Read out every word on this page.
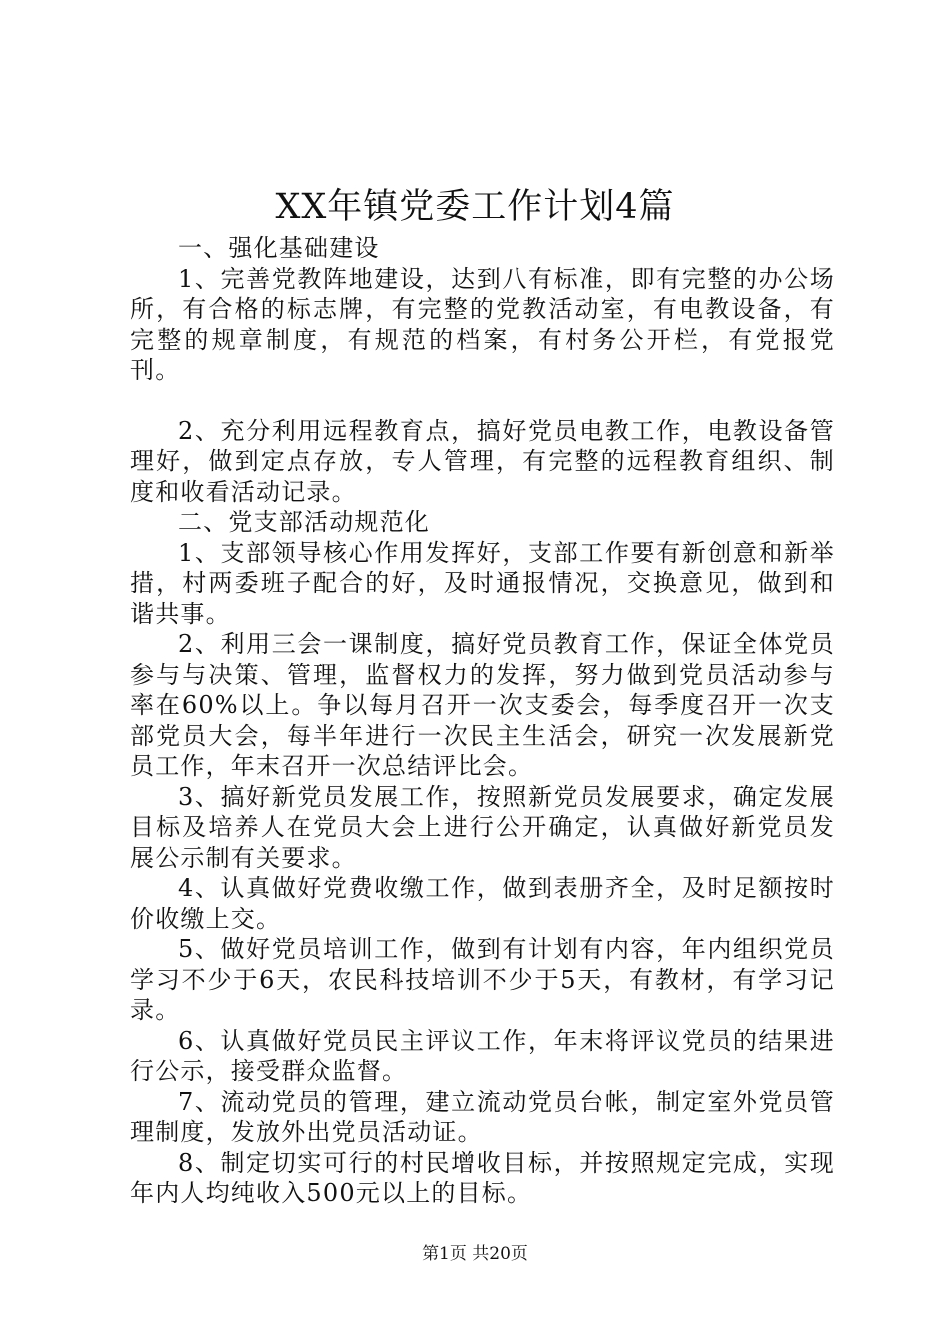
XX年镇党委工作计划4篇

一、强化基础建设

1、完善党教阵地建设，达到八有标准，即有完整的办公场所，有合格的标志牌，有完整的党教活动室，有电教设备，有完整的规章制度，有规范的档案，有村务公开栏，有党报党刊。

2、充分利用远程教育点，搞好党员电教工作，电教设备管理好，做到定点存放，专人管理，有完整的远程教育组织、制度和收看活动记录。

二、党支部活动规范化

1、支部领导核心作用发挥好，支部工作要有新创意和新举措，村两委班子配合的好，及时通报情况，交换意见，做到和谐共事。

2、利用三会一课制度，搞好党员教育工作，保证全体党员参与与决策、管理，监督权力的发挥，努力做到党员活动参与率在60%以上。争以每月召开一次支委会，每季度召开一次支部党员大会，每半年进行一次民主生活会，研究一次发展新党员工作，年末召开一次总结评比会。

3、搞好新党员发展工作，按照新党员发展要求，确定发展目标及培养人在党员大会上进行公开确定，认真做好新党员发展公示制有关要求。

4、认真做好党费收缴工作，做到表册齐全，及时足额按时价收缴上交。

5、做好党员培训工作，做到有计划有内容，年内组织党员学习不少于6天，农民科技培训不少于5天，有教材，有学习记录。

6、认真做好党员民主评议工作，年末将评议党员的结果进行公示，接受群众监督。

7、流动党员的管理，建立流动党员台帐，制定室外党员管理制度，发放外出党员活动证。

8、制定切实可行的村民增收目标，并按照规定完成，实现年内人均纯收入500元以上的目标。

第1页 共20页
